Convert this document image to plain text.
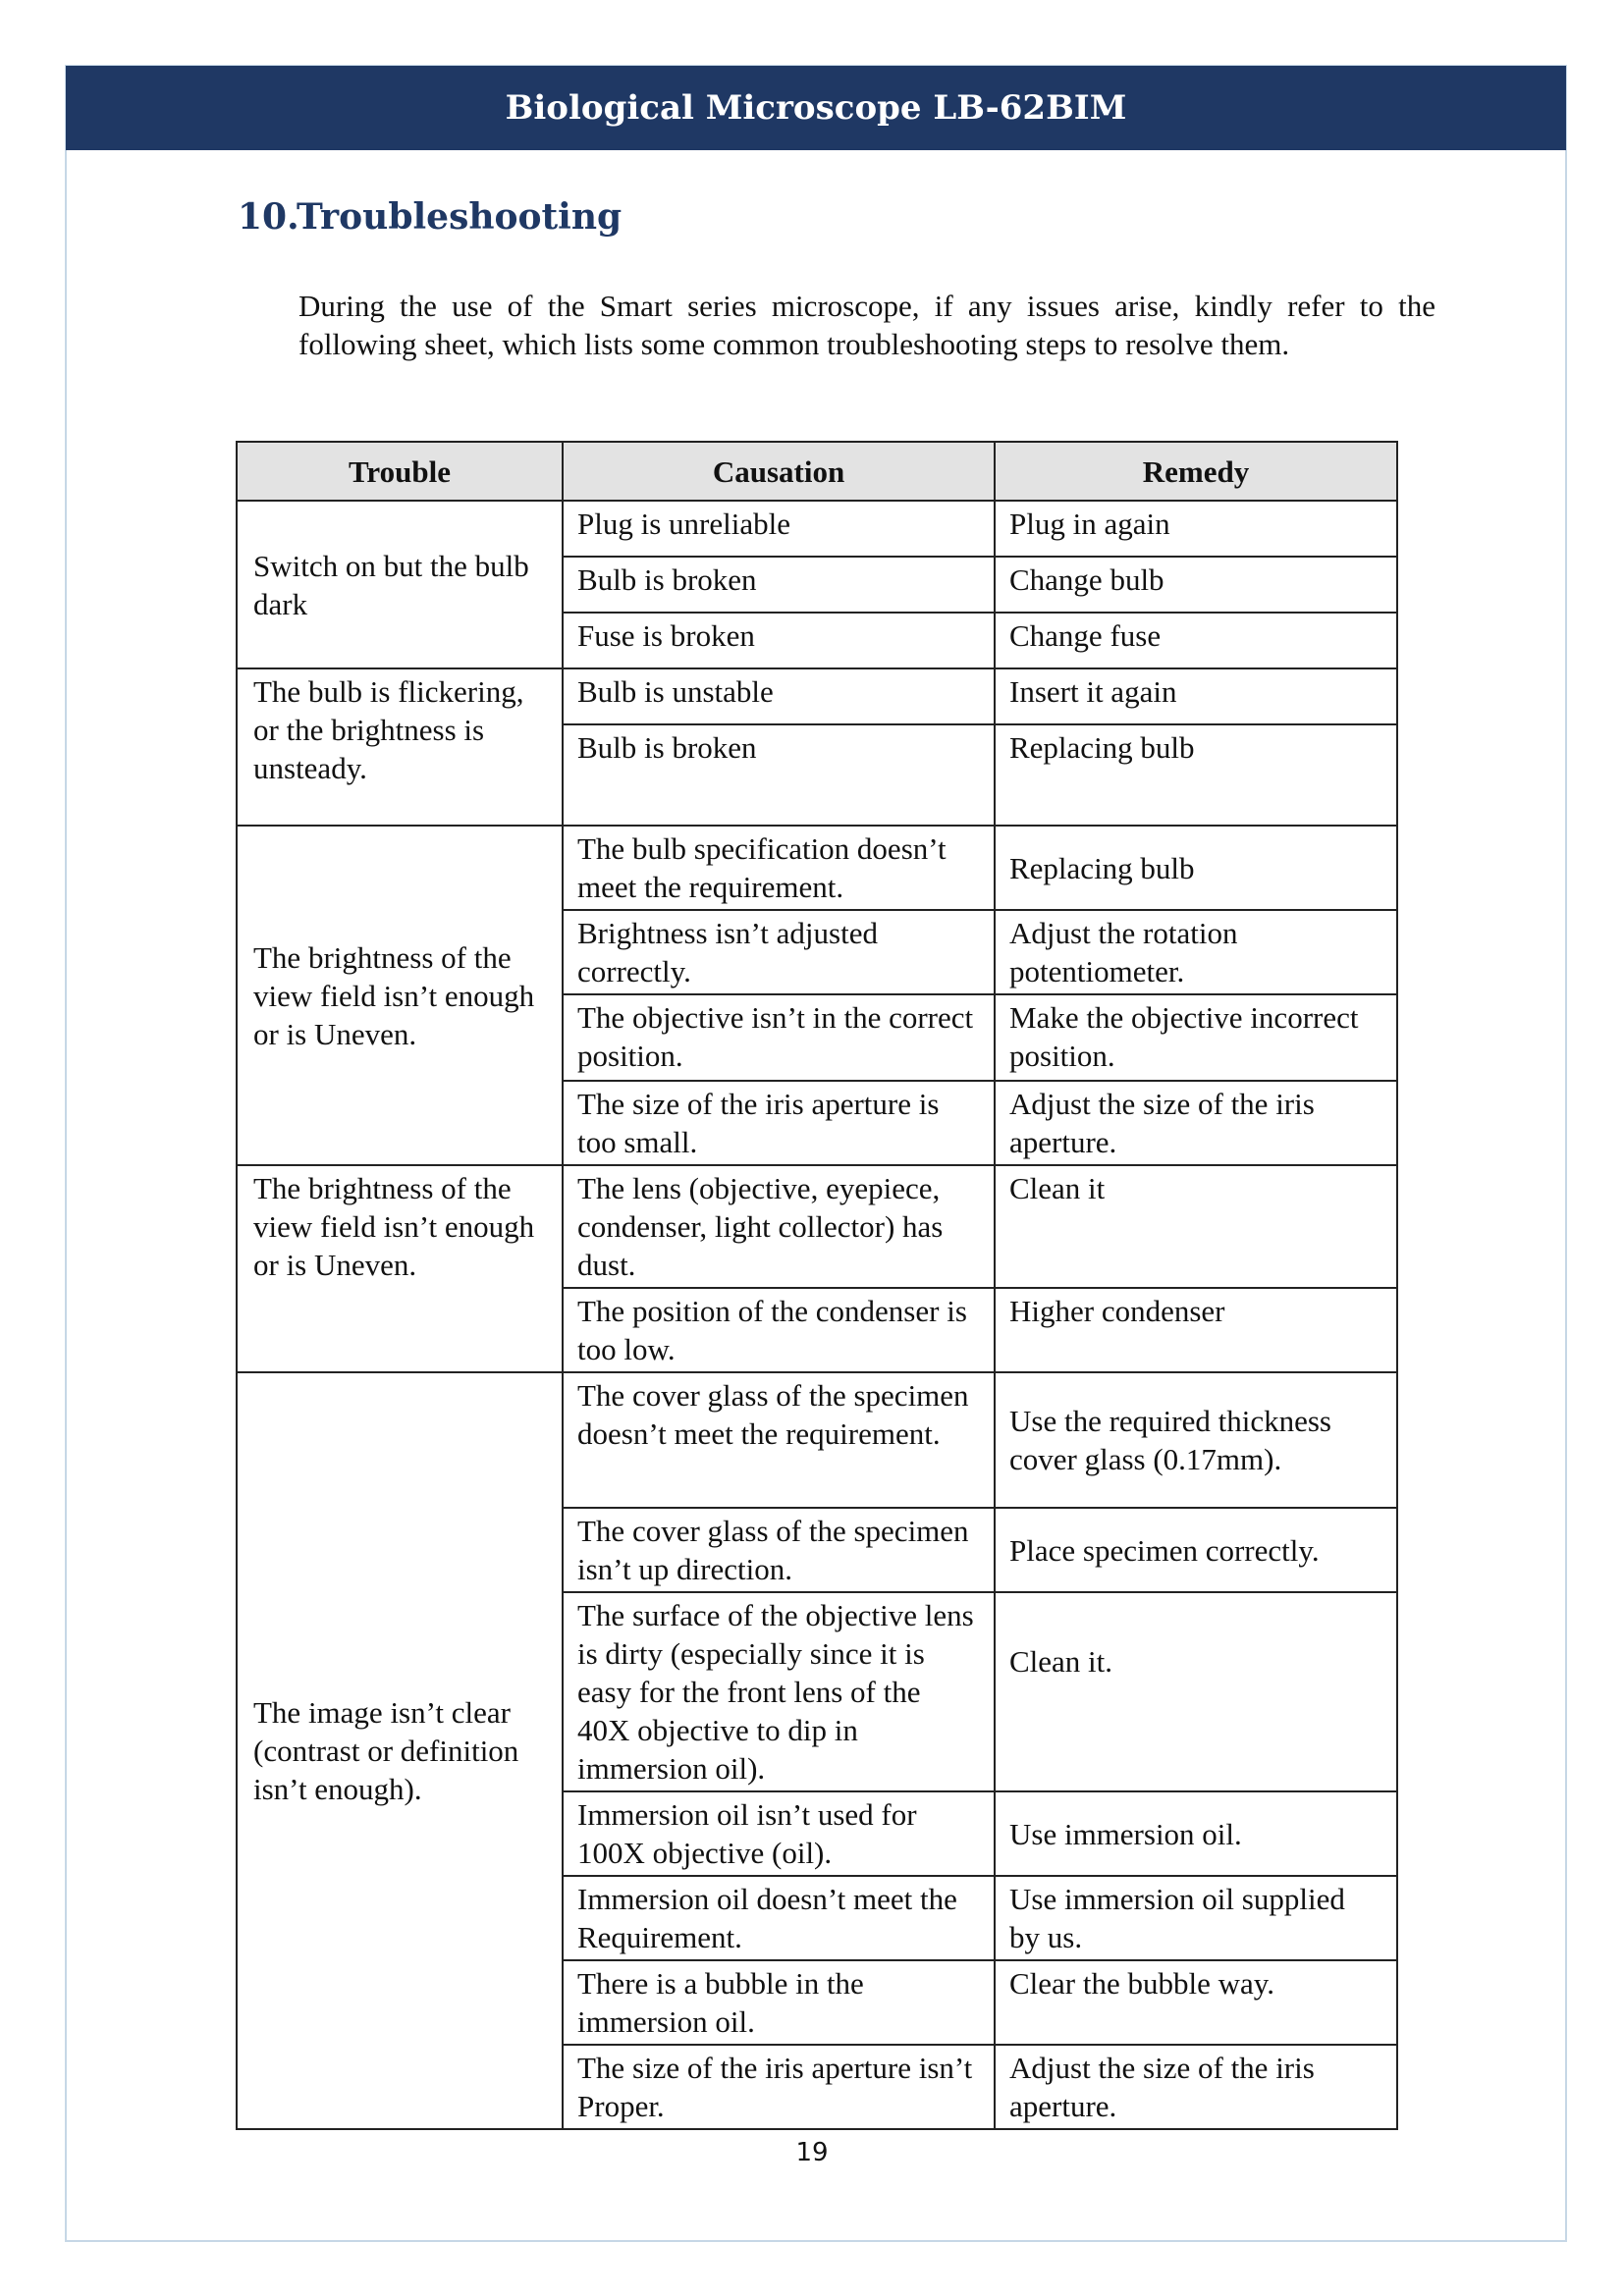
Biological Microscope LB-62BIM
10.Troubleshooting

During the use of the Smart series microscope, if any issues arise, kindly refer to the following sheet, which lists some common troubleshooting steps to resolve them.

Trouble	Causation	Remedy
Switch on but the bulb dark	Plug is unreliable	Plug in again
	Bulb is broken	Change bulb
	Fuse is broken	Change fuse
The bulb is flickering, or the brightness is unsteady.	Bulb is unstable	Insert it again
	Bulb is broken	Replacing bulb
The brightness of the view field isn’t enough or is Uneven.	The bulb specification doesn’t meet the requirement.	Replacing bulb
	Brightness isn’t adjusted correctly.	Adjust the rotation potentiometer.
	The objective isn’t in the correct position.	Make the objective incorrect position.
	The size of the iris aperture is too small.	Adjust the size of the iris aperture.
The brightness of the view field isn’t enough or is Uneven.	The lens (objective, eyepiece, condenser, light collector) has dust.	Clean it
	The position of the condenser is too low.	Higher condenser
The image isn’t clear (contrast or definition isn’t enough).	The cover glass of the specimen doesn’t meet the requirement.	Use the required thickness cover glass (0.17mm).
	The cover glass of the specimen isn’t up direction.	Place specimen correctly.
	The surface of the objective lens is dirty (especially since it is easy for the front lens of the 40X objective to dip in immersion oil).	Clean it.
	Immersion oil isn’t used for 100X objective (oil).	Use immersion oil.
	Immersion oil doesn’t meet the Requirement.	Use immersion oil supplied by us.
	There is a bubble in the immersion oil.	Clear the bubble way.
	The size of the iris aperture isn’t Proper.	Adjust the size of the iris aperture.
19
